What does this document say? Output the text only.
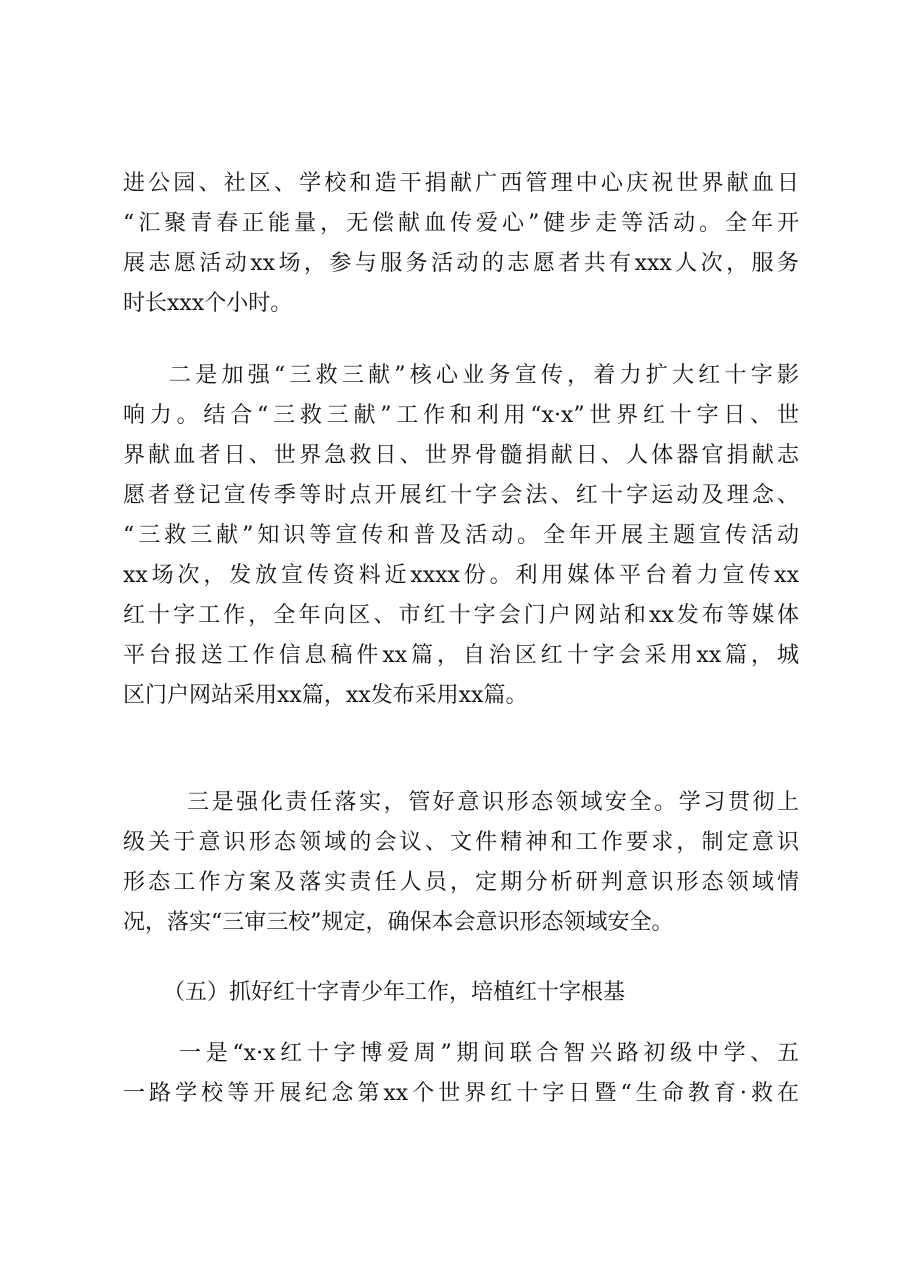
进公园、社区、学校和造干捐献广西管理中心庆祝世界献血日
“汇聚青春正能量，无偿献血传爱心”健步走等活动。全年开
展志愿活动xx场，参与服务活动的志愿者共有xxx人次，服务
时长xxx个小时。
二是加强“三救三献”核心业务宣传，着力扩大红十字影
响力。结合“三救三献”工作和利用“x·x”世界红十字日、世
界献血者日、世界急救日、世界骨髓捐献日、人体器官捐献志
愿者登记宣传季等时点开展红十字会法、红十字运动及理念、
“三救三献”知识等宣传和普及活动。全年开展主题宣传活动
xx场次，发放宣传资料近xxxx份。利用媒体平台着力宣传xx
红十字工作，全年向区、市红十字会门户网站和xx发布等媒体
平台报送工作信息稿件xx篇，自治区红十字会采用xx篇，城
区门户网站采用xx篇，xx发布采用xx篇。
三是强化责任落实，管好意识形态领域安全。学习贯彻上
级关于意识形态领域的会议、文件精神和工作要求，制定意识
形态工作方案及落实责任人员，定期分析研判意识形态领域情
况，落实“三审三校”规定，确保本会意识形态领域安全。
（五）抓好红十字青少年工作，培植红十字根基
一是“x·x红十字博爱周”期间联合智兴路初级中学、五
一路学校等开展纪念第xx个世界红十字日暨“生命教育·救在
